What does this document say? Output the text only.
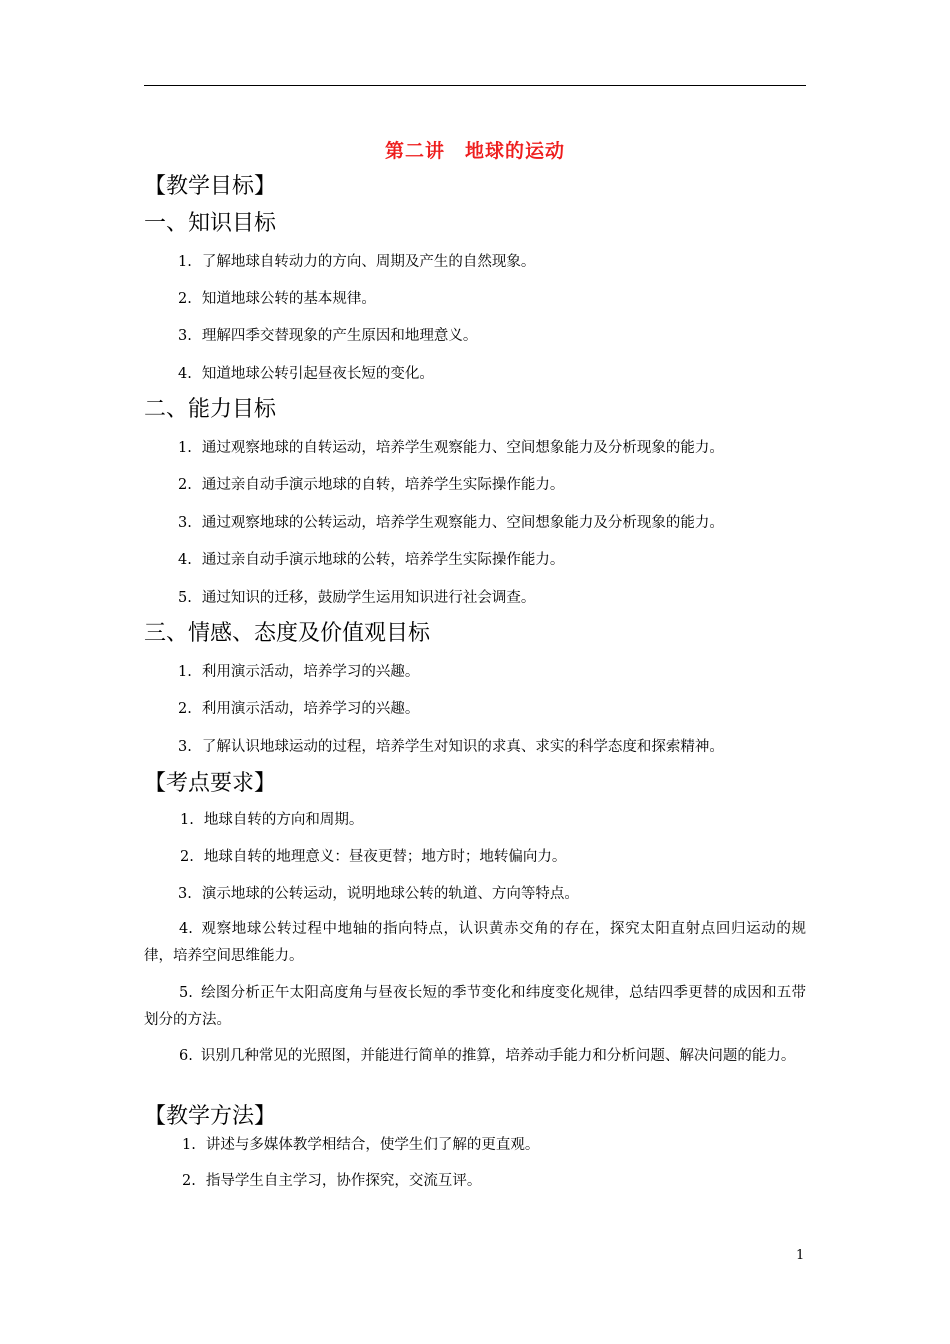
第二讲　地球的运动
【教学目标】
一、知识目标
1. 了解地球自转动力的方向、周期及产生的自然现象。
2. 知道地球公转的基本规律。
3. 理解四季交替现象的产生原因和地理意义。
4. 知道地球公转引起昼夜长短的变化。
二、能力目标
1. 通过观察地球的自转运动，培养学生观察能力、空间想象能力及分析现象的能力。
2. 通过亲自动手演示地球的自转，培养学生实际操作能力。
3. 通过观察地球的公转运动，培养学生观察能力、空间想象能力及分析现象的能力。
4. 通过亲自动手演示地球的公转，培养学生实际操作能力。
5. 通过知识的迁移，鼓励学生运用知识进行社会调查。
三、情感、态度及价值观目标
1. 利用演示活动，培养学习的兴趣。
2. 利用演示活动，培养学习的兴趣。
3. 了解认识地球运动的过程，培养学生对知识的求真、求实的科学态度和探索精神。
【考点要求】
1. 地球自转的方向和周期。
2. 地球自转的地理意义：昼夜更替；地方时；地转偏向力。
3. 演示地球的公转运动，说明地球公转的轨道、方向等特点。
4. 观察地球公转过程中地轴的指向特点，认识黄赤交角的存在，探究太阳直射点回归运动的规律，培养空间思维能力。
5. 绘图分析正午太阳高度角与昼夜长短的季节变化和纬度变化规律，总结四季更替的成因和五带划分的方法。
6. 识别几种常见的光照图，并能进行简单的推算，培养动手能力和分析问题、解决问题的能力。
【教学方法】
1. 讲述与多媒体教学相结合，使学生们了解的更直观。
2. 指导学生自主学习，协作探究，交流互评。
1
